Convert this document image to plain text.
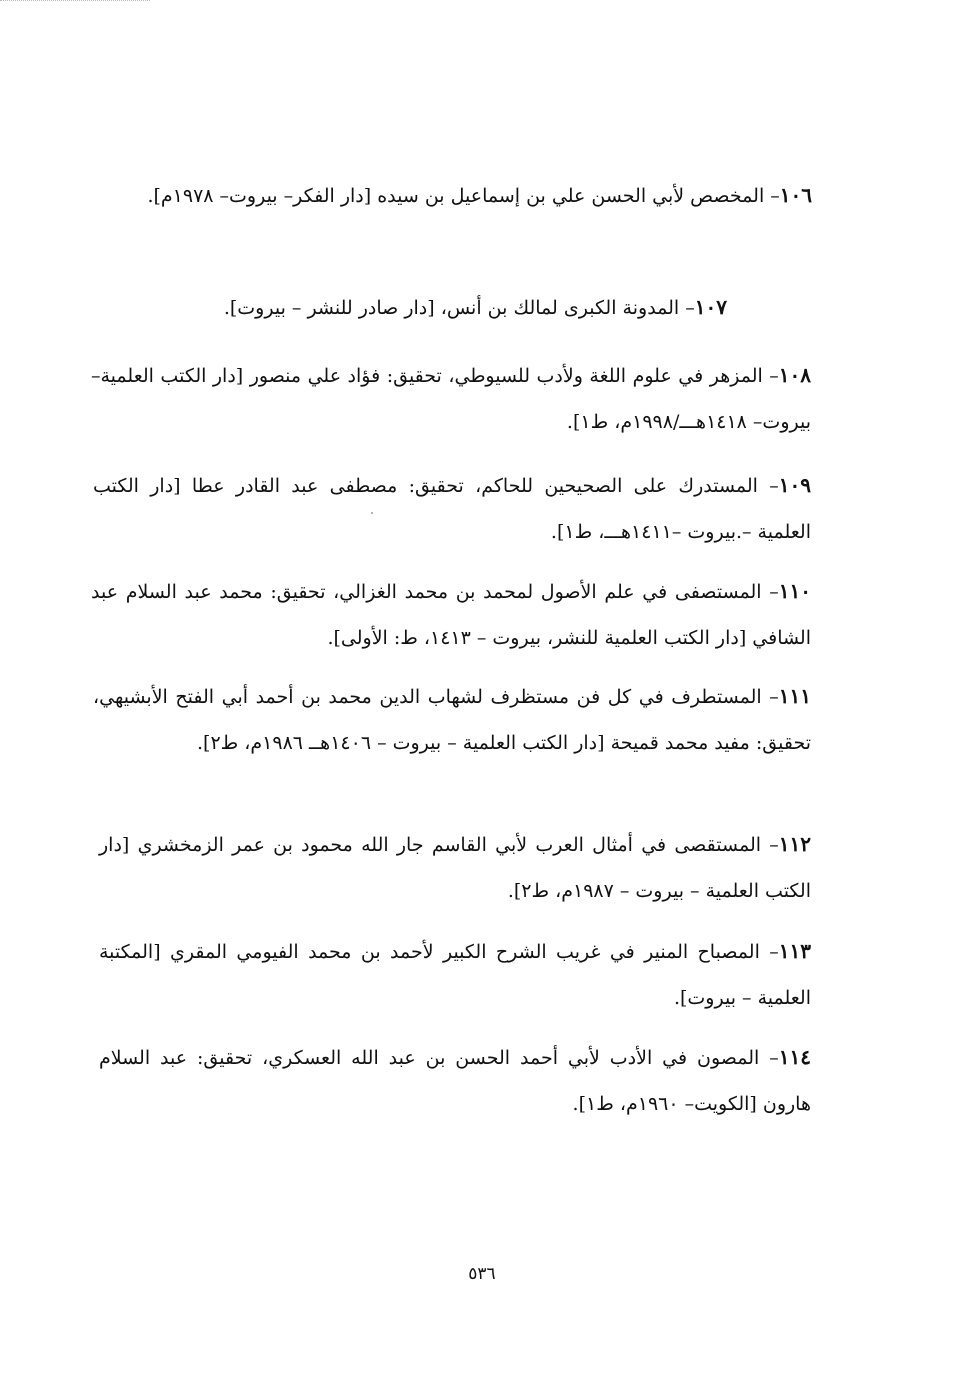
١٠٦– المخصص لأبي الحسن علي بن إسماعيل بن سيده [دار الفكر– بيروت– ١٩٧٨م].
١٠٧– المدونة الكبرى لمالك بن أنس، [دار صادر للنشر – بيروت].
١٠٨– المزهر في علوم اللغة ولأدب للسيوطي، تحقيق: فؤاد علي منصور [دار الكتب العلمية– بيروت– ١٤١٨هـــ/١٩٩٨م، ط١].
١٠٩– المستدرك على الصحيحين للحاكم، تحقيق: مصطفى عبد القادر عطا [دار الكتب العلمية –.بيروت –١٤١١هـــ، ط١].
١١٠– المستصفى في علم الأصول لمحمد بن محمد الغزالي، تحقيق: محمد عبد السلام عبد الشافي [دار الكتب العلمية للنشر، بيروت – ١٤١٣، ط: الأولى].
١١١– المستطرف في كل فن مستظرف لشهاب الدين محمد بن أحمد أبي الفتح الأبشيهي، تحقيق: مفيد محمد قميحة [دار الكتب العلمية – بيروت – ١٤٠٦هــ ١٩٨٦م، ط٢].
١١٢– المستقصى في أمثال العرب لأبي القاسم جار الله محمود بن عمر الزمخشري [دار الكتب العلمية – بيروت – ١٩٨٧م، ط٢].
١١٣– المصباح المنير في غريب الشرح الكبير لأحمد بن محمد الفيومي المقري [المكتبة العلمية – بيروت].
١١٤– المصون في الأدب لأبي أحمد الحسن بن عبد الله العسكري، تحقيق: عبد السلام هارون [الكويت– ١٩٦٠م، ط١].
٥٣٦
